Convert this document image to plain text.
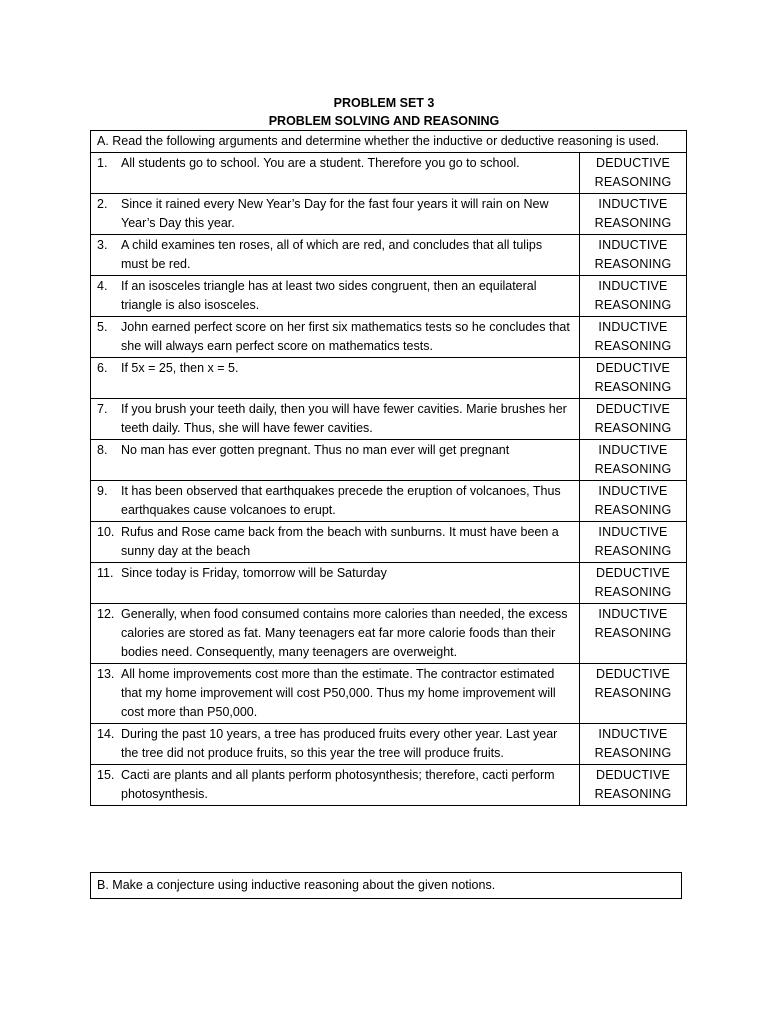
PROBLEM SET 3
PROBLEM SOLVING AND REASONING
A. Read the following arguments and determine whether the inductive or deductive reasoning is used.	

1. All students go to school. You are a student. Therefore you go to school.	DEDUCTIVE
REASONING

2. Since it rained every New Year’s Day for the fast four years it will rain on New Year’s Day this year.	INDUCTIVE
REASONING

3. A child examines ten roses, all of which are red, and concludes that all tulips must be red.	INDUCTIVE
REASONING

4. If an isosceles triangle has at least two sides congruent, then an equilateral triangle is also isosceles.	INDUCTIVE
REASONING

5. John earned perfect score on her first six mathematics tests so he concludes that she will always earn perfect score on mathematics tests.	INDUCTIVE
REASONING

6. If 5x = 25, then x = 5.	DEDUCTIVE
REASONING

7. If you brush your teeth daily, then you will have fewer cavities. Marie brushes her teeth daily. Thus, she will have fewer cavities.	DEDUCTIVE
REASONING

8. No man has ever gotten pregnant. Thus no man ever will get pregnant	INDUCTIVE
REASONING

9. It has been observed that earthquakes precede the eruption of volcanoes, Thus earthquakes cause volcanoes to erupt.	INDUCTIVE
REASONING

10. Rufus and Rose came back from the beach with sunburns. It must have been a sunny day at the beach	INDUCTIVE
REASONING

11. Since today is Friday, tomorrow will be Saturday	DEDUCTIVE
REASONING

12. Generally, when food consumed contains more calories than needed, the excess calories are stored as fat. Many teenagers eat far more calorie foods than their bodies need. Consequently, many teenagers are overweight.	INDUCTIVE
REASONING

13. All home improvements cost more than the estimate. The contractor estimated that my home improvement will cost P50,000. Thus my home improvement will cost more than P50,000.	DEDUCTIVE
REASONING

14. During the past 10 years, a tree has produced fruits every other year. Last year the tree did not produce fruits, so this year the tree will produce fruits.	INDUCTIVE
REASONING

15. Cacti are plants and all plants perform photosynthesis; therefore, cacti perform photosynthesis.	DEDUCTIVE
REASONING
B. Make a conjecture using inductive reasoning about the given notions.
